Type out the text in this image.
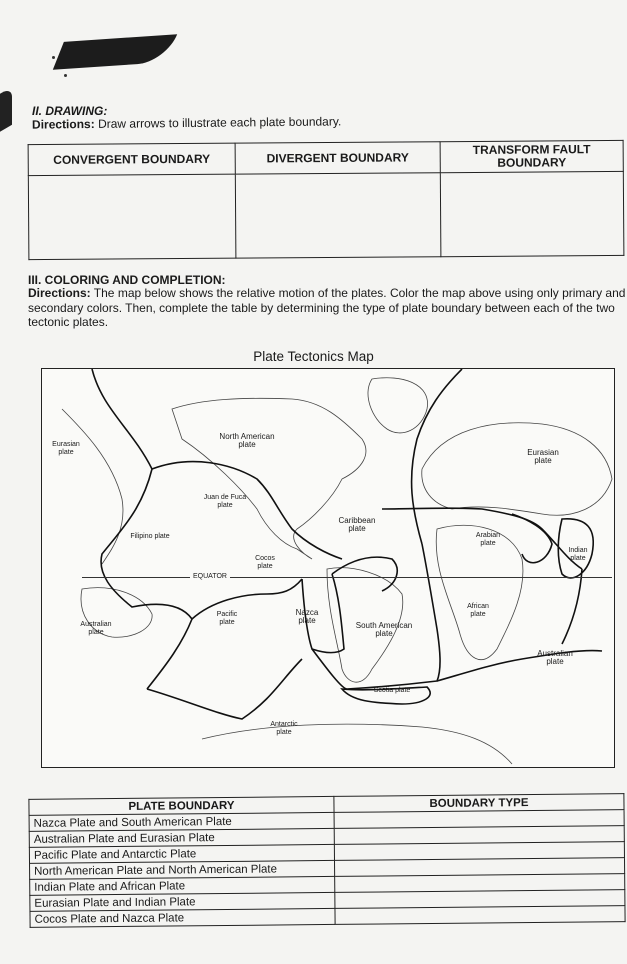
II. DRAWING:
Directions: Draw arrows to illustrate each plate boundary.
CONVERGENT BOUNDARY	DIVERGENT BOUNDARY	TRANSFORM FAULT BOUNDARY

III. COLORING AND COMPLETION:
Directions: The map below shows the relative motion of the plates. Color the map above using only primary and secondary colors. Then, complete the table by determining the type of plate boundary between each of the two tectonic plates.
Plate Tectonics Map
Eurasian plate
North American plate
Eurasian plate
Juan de Fuca plate
Filipino plate
Caribbean plate
Arabian plate
Indian plate
Cocos plate
EQUATOR
Australian plate
Pacific plate
Nazca plate
South American plate
African plate
Australian plate
Scotia plate
Antarctic plate
PLATE BOUNDARY	BOUNDARY TYPE
Nazca Plate and South American Plate	
Australian Plate and Eurasian Plate	
Pacific Plate and Antarctic Plate	
North American Plate and North American Plate	
Indian Plate and African Plate	
Eurasian Plate and Indian Plate	
Cocos Plate and Nazca Plate	
